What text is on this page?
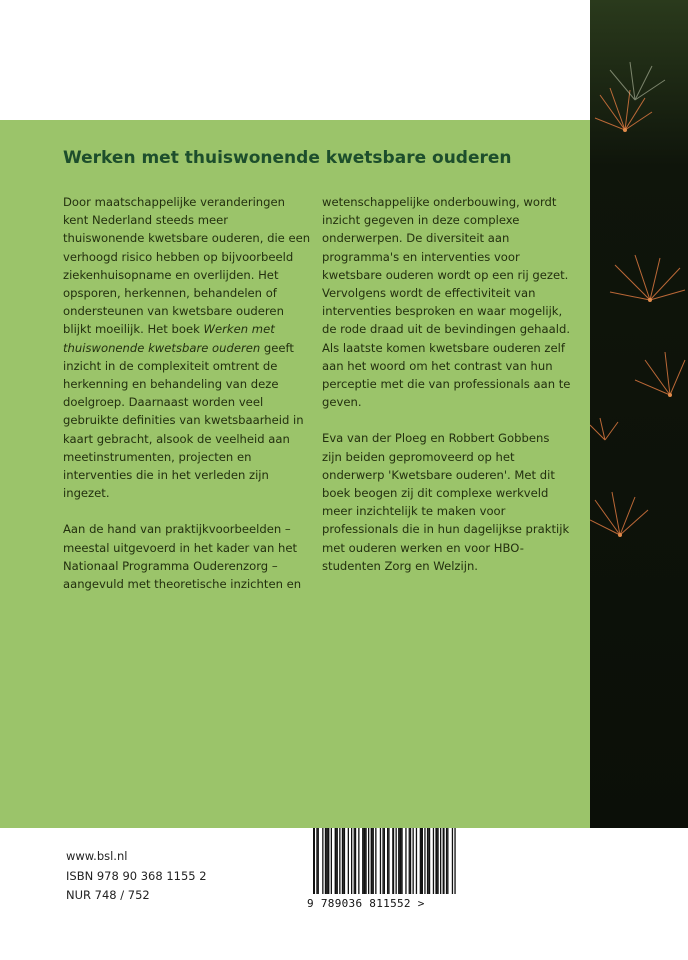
Werken met thuiswonende kwetsbare ouderen

Door maatschappelijke veranderingen kent Nederland steeds meer thuiswonende kwetsbare ouderen, die een verhoogd risico hebben op bijvoorbeeld ziekenhuisopname en overlijden. Het opsporen, herkennen, behandelen of ondersteunen van kwetsbare ouderen blijkt moeilijk. Het boek Werken met thuiswonende kwetsbare ouderen geeft inzicht in de complexiteit omtrent de herkenning en behandeling van deze doelgroep. Daarnaast worden veel gebruikte definities van kwetsbaarheid in kaart gebracht, alsook de veelheid aan meetinstrumenten, projecten en interventies die in het verleden zijn ingezet.

Aan de hand van praktijkvoorbeelden – meestal uitgevoerd in het kader van het Nationaal Programma Ouderenzorg – aangevuld met theoretische inzichten en

wetenschappelijke onderbouwing, wordt inzicht gegeven in deze complexe onderwerpen. De diversiteit aan programma's en interventies voor kwetsbare ouderen wordt op een rij gezet. Vervolgens wordt de effectiviteit van interventies besproken en waar mogelijk, de rode draad uit de bevindingen gehaald. Als laatste komen kwetsbare ouderen zelf aan het woord om het contrast van hun perceptie met die van professionals aan te geven.

Eva van der Ploeg en Robbert Gobbens zijn beiden gepromoveerd op het onderwerp 'Kwetsbare ouderen'. Met dit boek beogen zij dit complexe werkveld meer inzichtelijk te maken voor professionals die in hun dagelijkse praktijk met ouderen werken en voor HBO-studenten Zorg en Welzijn.

www.bsl.nl
ISBN 978 90 368 1155 2
NUR 748 / 752
9 789036 811552 >
